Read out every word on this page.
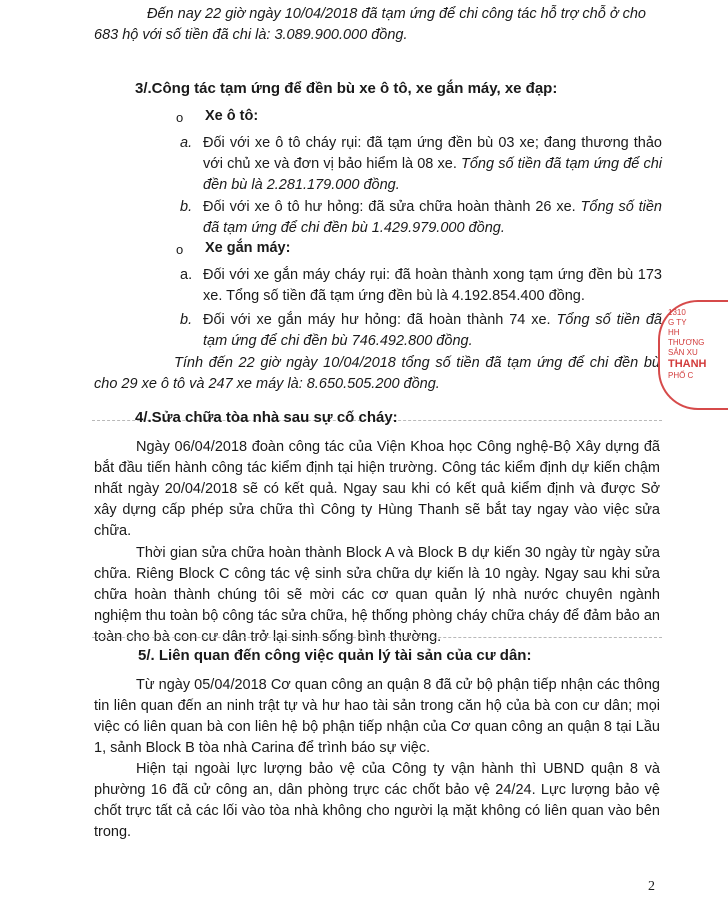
Đến nay 22 giờ ngày 10/04/2018 đã tạm ứng để chi công tác hỗ trợ chỗ ở cho

683 hộ với số tiền đã chi là: 3.089.900.000 đồng.

3/.Công tác tạm ứng để đền bù xe ô tô, xe gắn máy, xe đạp:

o Xe ô tô:

a. Đối với xe ô tô cháy rụi: đã tạm ứng đền bù 03 xe; đang thương thảo với chủ xe và đơn vị bảo hiểm là 08 xe. Tổng số tiền đã tạm ứng để chi đền bù là 2.281.179.000 đồng.

b. Đối với xe ô tô hư hỏng: đã sửa chữa hoàn thành 26 xe. Tổng số tiền đã tạm ứng để chi đền bù 1.429.979.000 đồng.

o Xe gắn máy:

a. Đối với xe gắn máy cháy rụi: đã hoàn thành xong tạm ứng đền bù 173 xe. Tổng số tiền đã tạm ứng đền bù là 4.192.854.400 đồng.

b. Đối với xe gắn máy hư hỏng: đã hoàn thành 74 xe. Tổng số tiền đã tạm ứng để chi đền bù 746.492.800 đồng.

Tính đến 22 giờ ngày 10/04/2018 tổng số tiền đã tạm ứng để chi đền bù cho 29 xe ô tô và 247 xe máy là: 8.650.505.200 đồng.

4/.Sửa chữa tòa nhà sau sự cố cháy:

Ngày 06/04/2018 đoàn công tác của Viện Khoa học Công nghệ-Bộ Xây dựng đã bắt đầu tiến hành công tác kiểm định tại hiện trường. Công tác kiểm định dự kiến chậm nhất ngày 20/04/2018 sẽ có kết quả. Ngay sau khi có kết quả kiểm định và được Sở xây dựng cấp phép sửa chữa thì Công ty Hùng Thanh sẽ bắt tay ngay vào việc sửa chữa.

Thời gian sửa chữa hoàn thành Block A và Block B dự kiến 30 ngày từ ngày sửa chữa. Riêng Block C công tác vệ sinh sửa chữa dự kiến là 10 ngày. Ngay sau khi sửa chữa hoàn thành chúng tôi sẽ mời các cơ quan quản lý nhà nước chuyên ngành nghiệm thu toàn bộ công tác sửa chữa, hệ thống phòng cháy chữa cháy để đảm bảo an toàn cho bà con cư dân trở lại sinh sống bình thường.

5/. Liên quan đến công việc quản lý tài sản của cư dân:

Từ ngày 05/04/2018 Cơ quan công an quận 8 đã cử bộ phận tiếp nhận các thông tin liên quan đến an ninh trật tự và hư hao tài sản trong căn hộ của bà con cư dân; mọi việc có liên quan bà con liên hệ bộ phận tiếp nhận của Cơ quan công an quận 8 tại Lầu 1, sảnh Block B tòa nhà Carina để trình báo sự việc.

Hiện tại ngoài lực lượng bảo vệ của Công ty vận hành thì UBND quận 8 và phường 16 đã cử công an, dân phòng trực các chốt bảo vệ 24/24. Lực lượng bảo vệ chốt trực tất cả các lối vào tòa nhà không cho người lạ mặt không có liên quan vào bên trong.

2
1310
G TY
HH
THƯƠNG
SẢN XU
THANH
PHỐ C
